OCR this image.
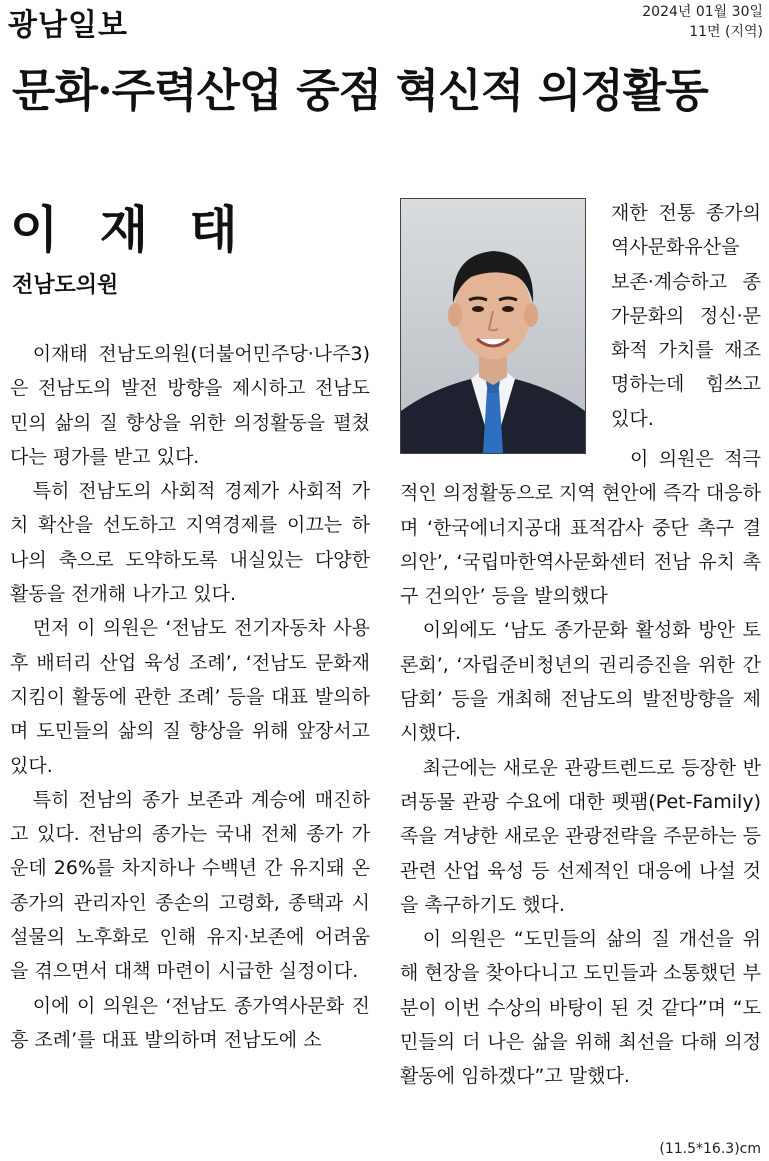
광남일보	2024년 01월 30일
11면 (지역)
문화·주력산업 중점 혁신적 의정활동
이 재 태
전남도의원

이재태 전남도의원(더불어민주당·나주3)은 전남도의 발전 방향을 제시하고 전남도민의 삶의 질 향상을 위한 의정활동을 펼쳤다는 평가를 받고 있다.

특히 전남도의 사회적 경제가 사회적 가치 확산을 선도하고 지역경제를 이끄는 하나의 축으로 도약하도록 내실있는 다양한 활동을 전개해 나가고 있다.

먼저 이 의원은 ‘전남도 전기자동차 사용 후 배터리 산업 육성 조례’, ‘전남도 문화재지킴이 활동에 관한 조례’ 등을 대표 발의하며 도민들의 삶의 질 향상을 위해 앞장서고 있다.

특히 전남의 종가 보존과 계승에 매진하고 있다. 전남의 종가는 국내 전체 종가 가운데 26%를 차지하나 수백년 간 유지돼 온 종가의 관리자인 종손의 고령화, 종택과 시설물의 노후화로 인해 유지·보존에 어려움을 겪으면서 대책 마련이 시급한 실정이다.

이에 이 의원은 ‘전남도 종가역사문화 진흥 조례’를 대표 발의하며 전남도에 소

재한 전통 종가의 역사문화유산을 보존·계승하고 종가문화의 정신·문화적 가치를 재조명하는데 힘쓰고 있다.

이 의원은 적극적인 의정활동으로 지역 현안에 즉각 대응하며 ‘한국에너지공대 표적감사 중단 촉구 결의안’, ‘국립마한역사문화센터 전남 유치 촉구 건의안’ 등을 발의했다

이외에도 ‘남도 종가문화 활성화 방안 토론회’, ‘자립준비청년의 권리증진을 위한 간담회’ 등을 개최해 전남도의 발전방향을 제시했다.

최근에는 새로운 관광트렌드로 등장한 반려동물 관광 수요에 대한 펫팸(Pet-Family)족을 겨냥한 새로운 관광전략을 주문하는 등 관련 산업 육성 등 선제적인 대응에 나설 것을 촉구하기도 했다.

이 의원은 “도민들의 삶의 질 개선을 위해 현장을 찾아다니고 도민들과 소통했던 부분이 이번 수상의 바탕이 된 것 같다”며 “도민들의 더 나은 삶을 위해 최선을 다해 의정활동에 임하겠다”고 말했다.

(11.5*16.3)cm
